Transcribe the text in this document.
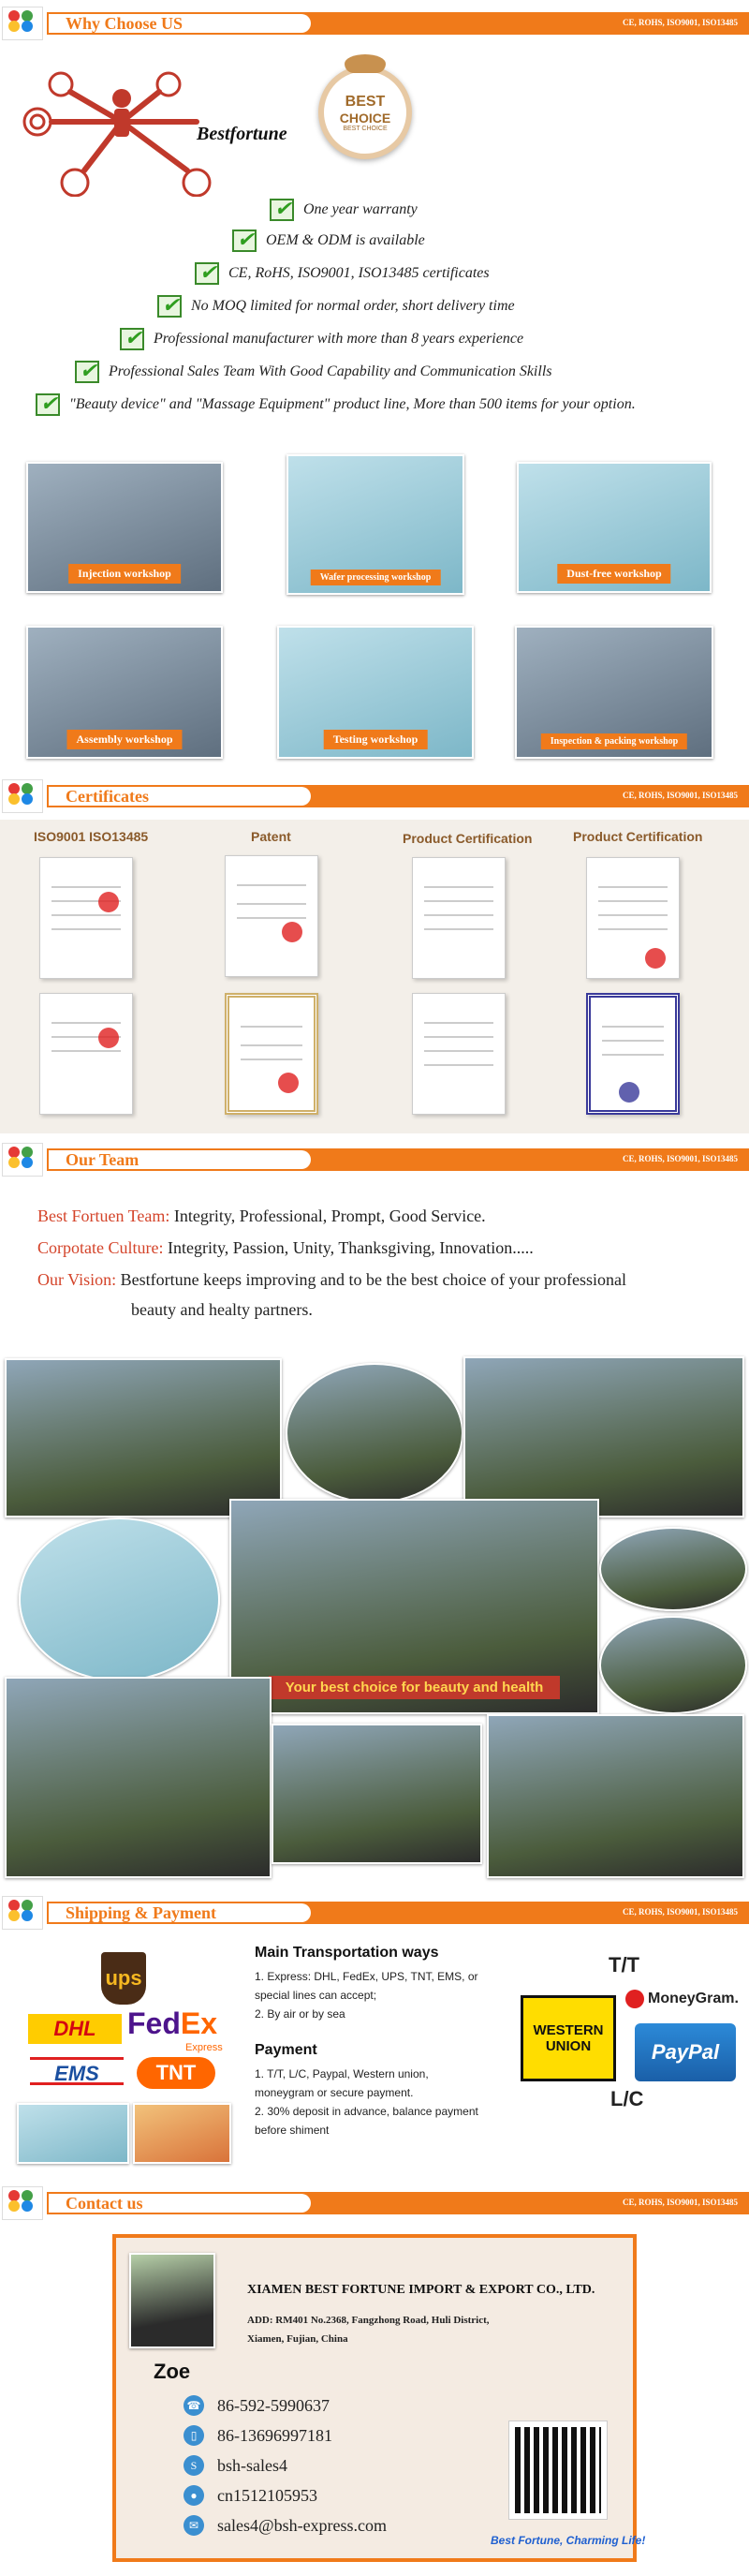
Why Choose US	CE, ROHS, ISO9001, ISO13485
Bestfortune
BEST
CHOICE
BEST CHOICE
✔
One year warranty
✔
OEM & ODM is available
✔
CE, RoHS, ISO9001, ISO13485 certificates
✔
No MOQ limited for normal order, short delivery time
✔
Professional manufacturer with more than 8 years experience
✔
Professional Sales Team With Good Capability and Communication Skills
✔
"Beauty device" and "Massage Equipment" product line, More than 500 items for your option.
Injection workshop	Wafer processing workshop	Dust-free workshop
Assembly workshop	Testing workshop	Inspection & packing workshop
Certificates	CE, ROHS, ISO9001, ISO13485
ISO9001 ISO13485	Patent	Product Certification	Product Certification
Our Team	CE, ROHS, ISO9001, ISO13485
Best Fortuen Team: Integrity, Professional, Prompt, Good Service.
Corpotate Culture: Integrity, Passion, Unity, Thanksgiving, Innovation.....
Our Vision: Bestfortune keeps improving and to be the best choice of your professional
beauty and healty partners.
Your best choice for beauty and health
Shipping & Payment	CE, ROHS, ISO9001, ISO13485
ups
DHL	FedEx
Express
EMS	TNT
Main Transportation ways
1. Express: DHL, FedEx, UPS, TNT, EMS, or
special lines can accept;
2. By air or by sea
Payment
1. T/T, L/C, Paypal, Western union,
moneygram or secure payment.
2. 30% deposit in advance, balance payment
before shiment
T/T
WESTERN UNION
MoneyGram.
PayPal
L/C
Contact us	CE, ROHS, ISO9001, ISO13485
Zoe
XIAMEN BEST FORTUNE IMPORT & EXPORT CO., LTD.
ADD: RM401 No.2368, Fangzhong Road, Huli District,
Xiamen, Fujian, China
☎ 86-592-5990637
▯	86-13696997181
S	bsh-sales4
●	cn1512105953
✉	sales4@bsh-express.com
Best Fortune, Charming Life!
